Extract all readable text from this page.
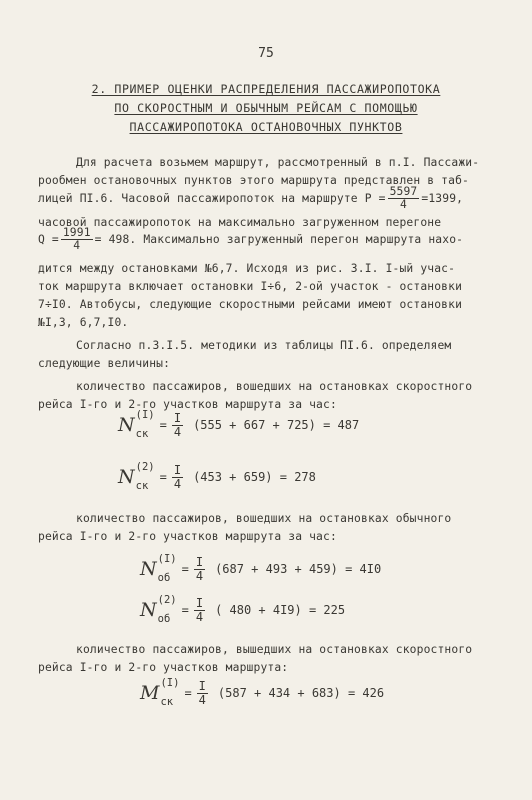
75
2. ПРИМЕР ОЦЕНКИ РАСПРЕДЕЛЕНИЯ ПАССАЖИРОПОТОКА
ПО СКОРОСТНЫМ И ОБЫЧНЫМ РЕЙСАМ С ПОМОЩЬЮ
ПАССАЖИРОПОТОКА ОСТАНОВОЧНЫХ ПУНКТОВ
Для расчета возьмем маршрут, рассмотренный в п.I. Пассажи-
рообмен остановочных пунктов этого маршрута представлен в таб-
лицей ПI.6. Часовой пассажиропоток на маршруте $P = \frac{5597}{4} =1399$,
часовой пассажиропоток на максимально загруженном перегоне
$Q = \frac{1991}{4} = 498$. Максимально загруженный перегон маршрута нахо-
дится между остановками №6,7. Исходя из рис. 3.I. I-ый учас-
ток маршрута включает остановки I÷6, 2-ой участок - остановки
7÷I0. Автобусы, следующие скоростными рейсами имеют остановки
№I,3, 6,7,I0.
Согласно п.3.I.5. методики из таблицы ПI.6. определяем
следующие величины:
количество пассажиров, вошедших на остановках скоростного
рейса I-го и 2-го участков маршрута за час:
N (I)
ск
= $\frac{I}{4} (555 + 667 + 725) = 487$
N (2)
ск
= $\frac{I}{4} (453 + 659) = 278$
количество пассажиров, вошедших на остановках обычного
рейса I-го и 2-го участков маршрута за час:
N (I)
об
= $\frac{I}{4} (687 + 493 + 459) = 4I0$
N (2)
об
= $\frac{I}{4}$ ( 480 + 4I9) = 225
количество пассажиров, вышедших на остановках скоростного
рейса I-го и 2-го участков маршрута:
M (I)
ск
= $\frac{I}{4} (587 + 434 + 683) = 426$
